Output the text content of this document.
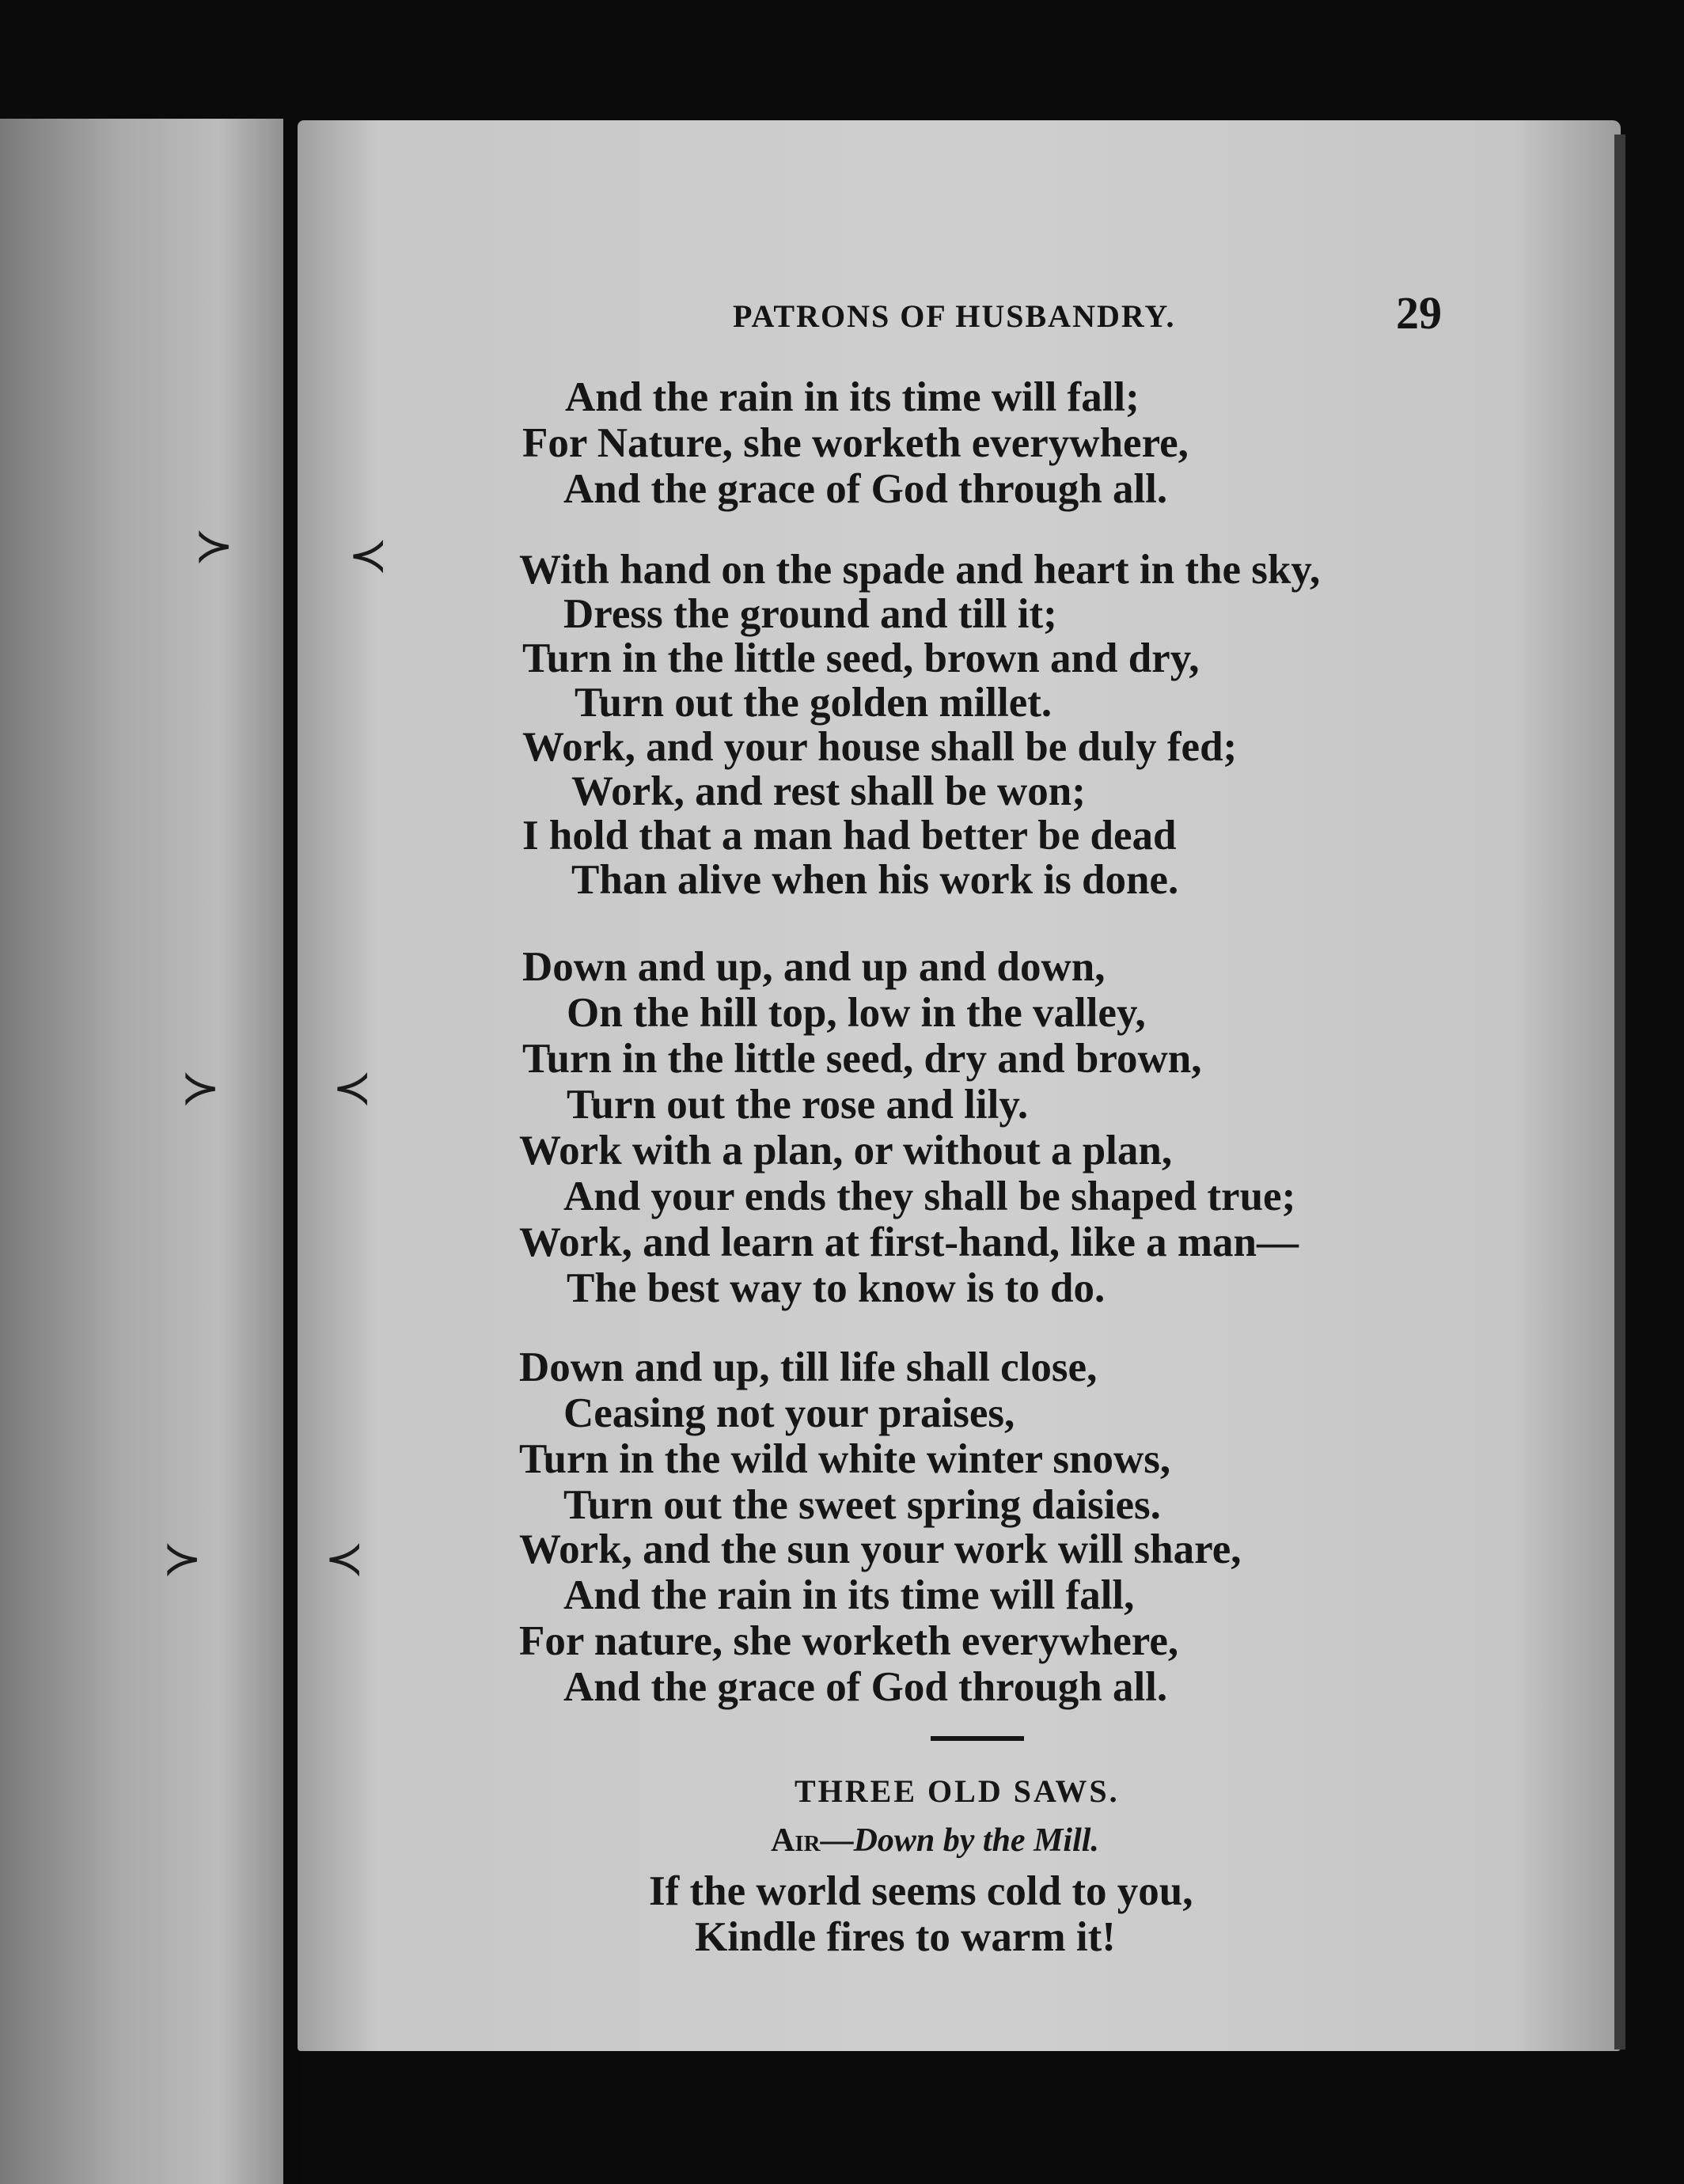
≻ ≺
≻ ≺
≻	≺
PATRONS OF HUSBANDRY.	29
And the rain in its time will fall;
For Nature, she worketh everywhere,
And the grace of God through all.
With hand on the spade and heart in the sky,
Dress the ground and till it;
Turn in the little seed, brown and dry,
Turn out the golden millet.
Work, and your house shall be duly fed;
Work, and rest shall be won;
I hold that a man had better be dead
Than alive when his work is done.
Down and up, and up and down,
On the hill top, low in the valley,
Turn in the little seed, dry and brown,
Turn out the rose and lily.
Work with a plan, or without a plan,
And your ends they shall be shaped true;
Work, and learn at first-hand, like a man—
The best way to know is to do.
Down and up, till life shall close,
Ceasing not your praises,
Turn in the wild white winter snows,
Turn out the sweet spring daisies.
Work, and the sun your work will share,
And the rain in its time will fall,
For nature, she worketh everywhere,
And the grace of God through all.
THREE OLD SAWS.
Air—Down by the Mill.
If the world seems cold to you,
Kindle fires to warm it!
